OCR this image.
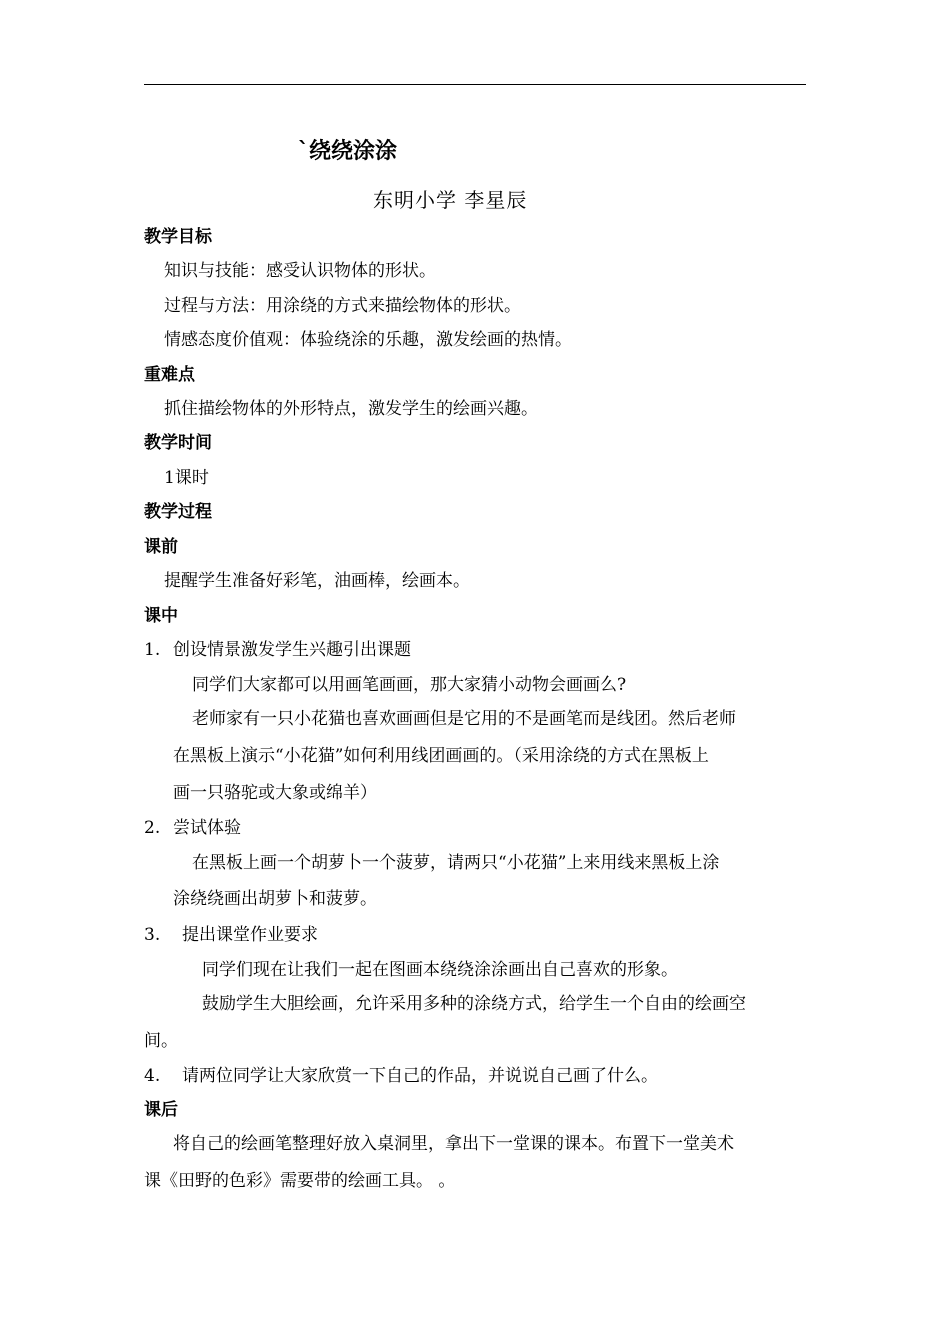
`绕绕涂涂
东明小学 李星辰
教学目标
知识与技能：感受认识物体的形状。
过程与方法：用涂绕的方式来描绘物体的形状。
情感态度价值观：体验绕涂的乐趣，激发绘画的热情。
重难点
抓住描绘物体的外形特点，激发学生的绘画兴趣。
教学时间
1课时
教学过程
课前
提醒学生准备好彩笔，油画棒，绘画本。
课中
1. 创设情景激发学生兴趣引出课题
同学们大家都可以用画笔画画，那大家猜小动物会画画么?
老师家有一只小花猫也喜欢画画但是它用的不是画笔而是线团。然后老师
在黑板上演示“小花猫”如何利用线团画画的。（采用涂绕的方式在黑板上
画一只骆驼或大象或绵羊）
2. 尝试体验
在黑板上画一个胡萝卜一个菠萝，请两只“小花猫”上来用线来黑板上涂
涂绕绕画出胡萝卜和菠萝。
3. 提出课堂作业要求
同学们现在让我们一起在图画本绕绕涂涂画出自己喜欢的形象。
鼓励学生大胆绘画，允许采用多种的涂绕方式，给学生一个自由的绘画空
间。
4. 请两位同学让大家欣赏一下自己的作品，并说说自己画了什么。
课后
将自己的绘画笔整理好放入桌洞里，拿出下一堂课的课本。布置下一堂美术
课《田野的色彩》需要带的绘画工具。 。
